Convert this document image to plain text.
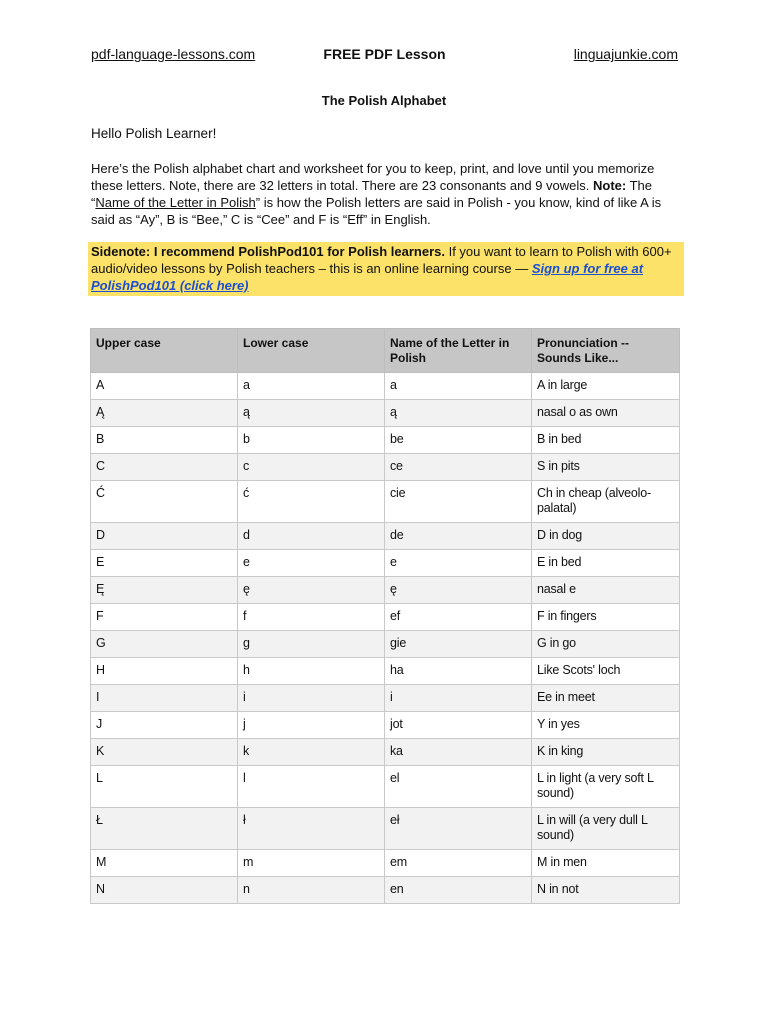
pdf-language-lessons.com	FREE PDF Lesson	linguajunkie.com
The Polish Alphabet
Hello Polish Learner!
Here’s the Polish alphabet chart and worksheet for you to keep, print, and love until you memorize these letters. Note, there are 32 letters in total. There are 23 consonants and 9 vowels. Note: The “Name of the Letter in Polish” is how the Polish letters are said in Polish - you know, kind of like A is said as “Ay”, B is “Bee,” C is “Cee” and F is “Eff” in English.
Sidenote: I recommend PolishPod101 for Polish learners. If you want to learn to Polish with 600+ audio/video lessons by Polish teachers – this is an online learning course — Sign up for free at PolishPod101 (click here)
Upper case	Lower case	Name of the Letter in Polish	Pronunciation -- Sounds Like...
A	a	a	A in large
Ą	ą	ą	nasal o as own
B	b	be	B in bed
C	c	ce	S in pits
Ć	ć	cie	Ch in cheap (alveolo-palatal)
D	d	de	D in dog
E	e	e	E in bed
Ę	ę	ę	nasal e
F	f	ef	F in fingers
G	g	gie	G in go
H	h	ha	Like Scots' loch
I	i	i	Ee in meet
J	j	jot	Y in yes
K	k	ka	K in king
L	l	el	L in light (a very soft L sound)
Ł	ł	eł	L in will (a very dull L sound)
M	m	em	M in men
N	n	en	N in not
